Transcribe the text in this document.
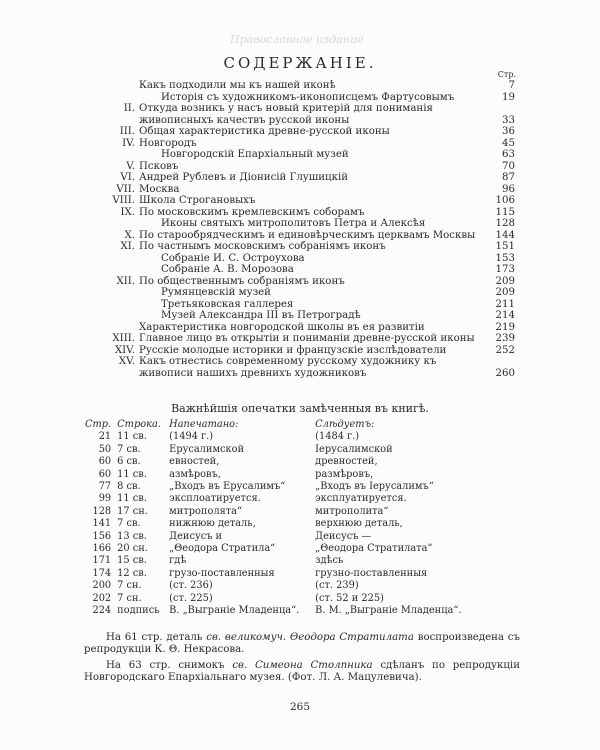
Православное издание
СОДЕРЖАНІЕ.
Стр.
Какъ подходили мы къ нашей иконѣ	7
Исторія съ художникомъ-иконописцемъ Фартусовымъ	19
II. Откуда возникъ у насъ новый критерій для пониманія живописныхъ качествъ русской иконы	33
III. Общая характеристика древне-русской иконы	36
IV. Новгородъ	45
Новгородскій Епархіальный музей	63
V. Псковъ	70
VI. Андрей Рублевъ и Діонисій Глушицкій	87
VII. Москва	96
VIII. Школа Строгановыхъ	106
IX. По московскимъ кремлевскимъ соборамъ	115
Иконы святыхъ митрополитовъ Петра и Алексѣя	128
X. По старообрядческимъ и единовѣрческимъ церквамъ Москвы 144
XI. По частнымъ московскимъ собраніямъ иконъ	151
Собраніе И. С. Остроухова	153
Собраніе А. В. Морозова	173
XII. По общественнымъ собраніямъ иконъ	209
Румянцевскій музей	209
Третьяковская галлерея	211
Музей Александра III въ Петроградѣ	214
Характеристика новгородской школы въ ея развитіи	219
XIII. Главное лицо въ открытіи и пониманіи древне-русской иконы 239
XIV. Русскіе молодые историки и французскіе изслѣдователи	252
XV. Какъ отнестись современному русскому художнику къ живописи нашихъ древнихъ художниковъ	260
Важнѣйшія опечатки замѣченныя въ книгѣ.
Стр.	Строка.	Напечатано:	Слѣдуетъ:
21	11 св.	(1494 г.)	(1484 г.)
50	7 св.	Ерусалимской	Іерусалимской
60	6 св.	евностей,	древностей,
60	11 св.	азмѣровъ,	размѣровъ,
77	8 св.	„Входъ въ Ерусалимъ“	„Входъ въ Іерусалимъ“
99	11 св.	эксплоатируется.	эксплуатируется.
128	17 сн.	митрополята“	митрополита“
141	7 св.	нижнюю деталь,	верхнюю деталь,
156	13 св.	Деисусъ и	Деисусъ —
166	20 сн.	„Θеодора Стратила“	„Θеодора Стратилата“
171	15 св.	гдѣ	здѣсь
174	12 св.	грузо-поставленныя	грузно-поставленныя
200	7 сн.	(ст. 236)	(ст. 239)
202	7 сн.	(ст. 225)	(ст. 52 и 225)
224	подпись	В. „Выграніе Младенца“.	В. М. „Выграніе Младенца“.

На 61 стр. деталь св. великомуч. Өеодора Стратилата воспроизведена съ репродукціи К. Θ. Некрасова.

На 63 стр. снимокъ св. Симеона Столпника сдѣланъ по репродукціи Новгородскаго Епархіальнаго музея. (Фот. Л. А. Мацулевича).

265
